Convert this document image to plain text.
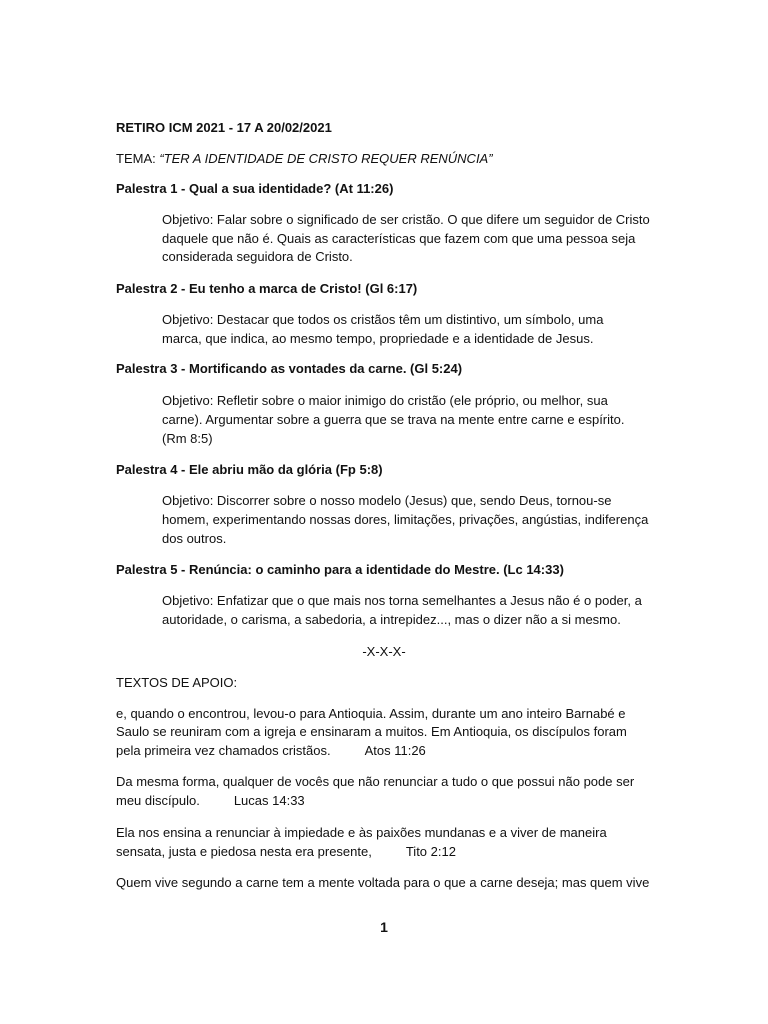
RETIRO ICM 2021 - 17 A 20/02/2021
TEMA: “TER A IDENTIDADE DE CRISTO REQUER RENÚNCIA”
Palestra 1 - Qual a sua identidade? (At 11:26)
Objetivo: Falar sobre o significado de ser cristão. O que difere um seguidor de Cristo
daquele que não é. Quais as características que fazem com que uma pessoa seja
considerada seguidora de Cristo.
Palestra 2 - Eu tenho a marca de Cristo! (Gl 6:17)
Objetivo: Destacar que todos os cristãos têm um distintivo, um símbolo, uma
marca, que indica, ao mesmo tempo, propriedade e a identidade de Jesus.
Palestra 3 - Mortificando as vontades da carne. (Gl 5:24)
Objetivo: Refletir sobre o maior inimigo do cristão (ele próprio, ou melhor, sua
carne). Argumentar sobre a guerra que se trava na mente entre carne e espírito.
(Rm 8:5)
Palestra 4 - Ele abriu mão da glória (Fp 5:8)
Objetivo: Discorrer sobre o nosso modelo (Jesus) que, sendo Deus, tornou-se
homem, experimentando nossas dores, limitações, privações, angústias, indiferença
dos outros.
Palestra 5 - Renúncia: o caminho para a identidade do Mestre. (Lc 14:33)
Objetivo: Enfatizar que o que mais nos torna semelhantes a Jesus não é o poder, a
autoridade, o carisma, a sabedoria, a intrepidez..., mas o dizer não a si mesmo.
-X-X-X-
TEXTOS DE APOIO:
e, quando o encontrou, levou-o para Antioquia. Assim, durante um ano inteiro Barnabé e
Saulo se reuniram com a igreja e ensinaram a muitos. Em Antioquia, os discípulos foram
pela primeira vez chamados cristãos.	Atos 11:26
Da mesma forma, qualquer de vocês que não renunciar a tudo o que possui não pode ser
meu discípulo.	Lucas 14:33
Ela nos ensina a renunciar à impiedade e às paixões mundanas e a viver de maneira
sensata, justa e piedosa nesta era presente,	Tito 2:12
Quem vive segundo a carne tem a mente voltada para o que a carne deseja; mas quem vive
1
